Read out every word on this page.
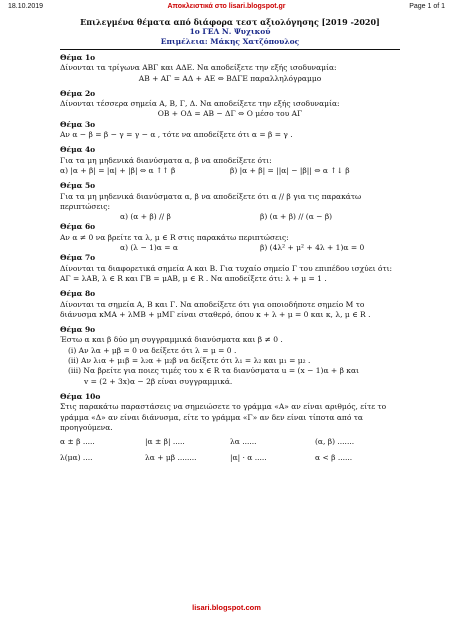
18.10.2019	Αποκλειστικά στο lisari.blogspot.gr	Page 1 of 1
Επιλεγμένα θέματα από διάφορα τεστ αξιολόγησης [2019 -2020]
1ο ΓΕΛ Ν. Ψυχικού
Επιμέλεια: Μάκης Χατζόπουλος
Θέμα 1ο
Δίνονται τα τρίγωνα ΑΒΓ και ΑΔΕ. Να αποδείξετε την εξής ισοδυναμία:
ΑΒ + ΑΓ = ΑΔ + ΑΕ ⇔ ΒΔΓΕ παραλληλόγραμμο
Θέμα 2ο
Δίνονται τέσσερα σημεία Α, Β, Γ, Δ. Να αποδείξετε την εξής ισοδυναμία:
ΟΒ + ΟΔ = ΑΒ − ΔΓ ⇔ Ο μέσο του ΑΓ
Θέμα 3ο
Αν α − β = β − γ = γ − α , τότε να αποδείξετε ότι α = β = γ .
Θέμα 4ο
Για τα μη μηδενικά διανύσματα α, β να αποδείξετε ότι:
α) |α + β| = |α| + |β| ⇔ α ↑↑ β	β) |α + β| = ||α| − |β|| ⇔ α ↑↓ β
Θέμα 5ο
Για τα μη μηδενικά διανύσματα α, β να αποδείξετε ότι α // β για τις παρακάτω περιπτώσεις:
α) (α + β) // β	β) (α + β) // (α − β)
Θέμα 6ο
Αν α ≠ 0 να βρείτε τα λ, μ ∈ R στις παρακάτω περιπτώσεις:
α) (λ − 1)α = α	β) (4λ² + μ² + 4λ + 1)α = 0
Θέμα 7ο
Δίνονται τα διαφορετικά σημεία Α και Β. Για τυχαίο σημείο Γ του επιπέδου ισχύει ότι: ΑΓ = λΑΒ, λ ∈ R και ΓΒ = μΑΒ, μ ∈ R . Να αποδείξετε ότι: λ + μ = 1 .
Θέμα 8ο
Δίνονται τα σημεία Α, Β και Γ. Να αποδείξετε ότι για οποιοδήποτε σημείο Μ το διάνυσμα κΜΑ + λΜΒ + μΜΓ είναι σταθερό, όπου κ + λ + μ = 0 και κ, λ, μ ∈ R .
Θέμα 9ο
Έστω α και β δύο μη συγγραμμικά διανύσματα και β ≠ 0 .
(i) Αν λα + μβ = 0 να δείξετε ότι λ = μ = 0 .
(ii) Αν λ₁α + μ₁β = λ₂α + μ₂β να δείξετε ότι λ₁ = λ₂ και μ₁ = μ₂ .
(iii) Να βρείτε για ποιες τιμές του x ∈ R τα διανύσματα u = (x − 1)α + β και
v = (2 + 3x)α − 2β είναι συγγραμμικά.
Θέμα 10ο
Στις παρακάτω παραστάσεις να σημειώσετε το γράμμα «Α» αν είναι αριθμός, είτε το γράμμα «Δ» αν είναι διάνυσμα, είτε το γράμμα «Γ» αν δεν είναι τίποτα από τα προηγούμενα.
α ± β .....	|α ± β| .....	λα ......	(α, β) .......
λ(μα) ....	λα + μβ ........	|α| · α .....	α < β ......
lisari.blogspot.com
